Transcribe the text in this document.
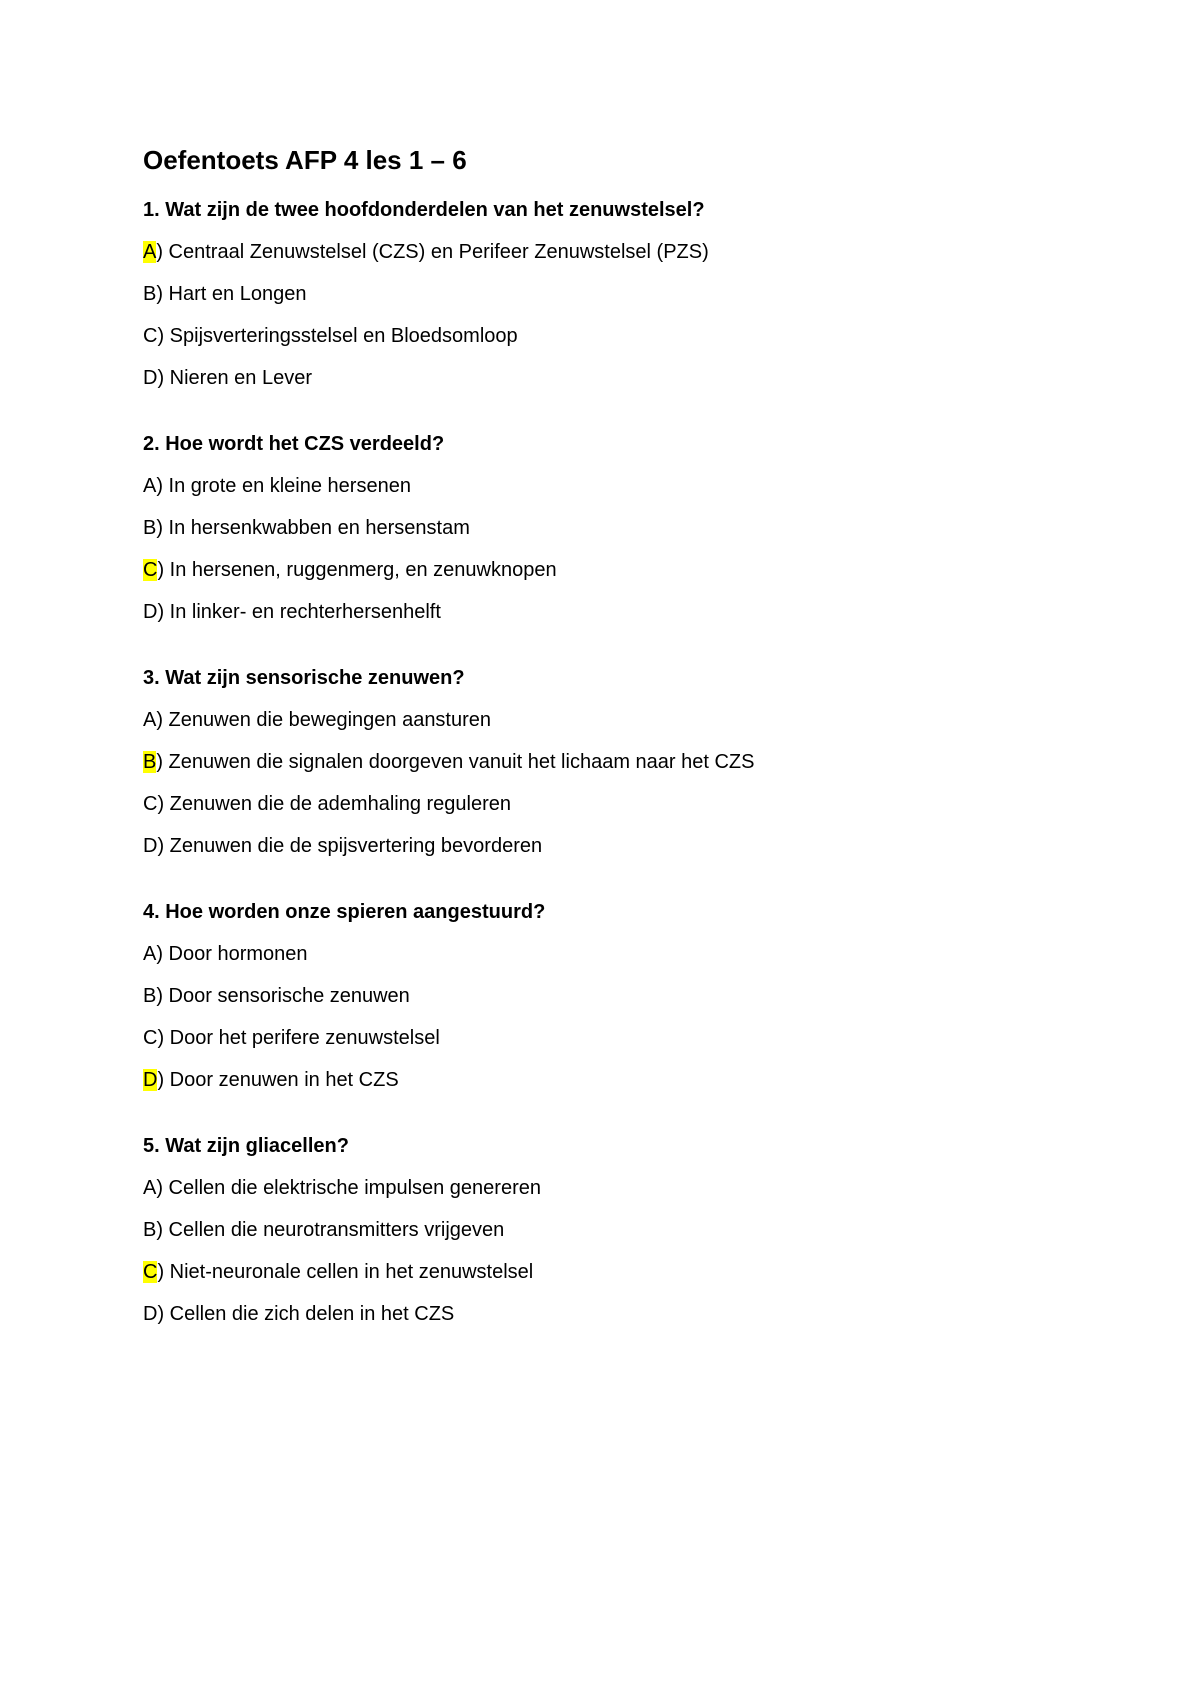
Oefentoets AFP 4 les 1 – 6
1. Wat zijn de twee hoofdonderdelen van het zenuwstelsel?
A) Centraal Zenuwstelsel (CZS) en Perifeer Zenuwstelsel (PZS)
B) Hart en Longen
C) Spijsverteringsstelsel en Bloedsomloop
D) Nieren en Lever
2. Hoe wordt het CZS verdeeld?
A) In grote en kleine hersenen
B) In hersenkwabben en hersenstam
C) In hersenen, ruggenmerg, en zenuwknopen
D) In linker- en rechterhersenhelft
3. Wat zijn sensorische zenuwen?
A) Zenuwen die bewegingen aansturen
B) Zenuwen die signalen doorgeven vanuit het lichaam naar het CZS
C) Zenuwen die de ademhaling reguleren
D) Zenuwen die de spijsvertering bevorderen
4. Hoe worden onze spieren aangestuurd?
A) Door hormonen
B) Door sensorische zenuwen
C) Door het perifere zenuwstelsel
D) Door zenuwen in het CZS
5. Wat zijn gliacellen?
A) Cellen die elektrische impulsen genereren
B) Cellen die neurotransmitters vrijgeven
C) Niet-neuronale cellen in het zenuwstelsel
D) Cellen die zich delen in het CZS
